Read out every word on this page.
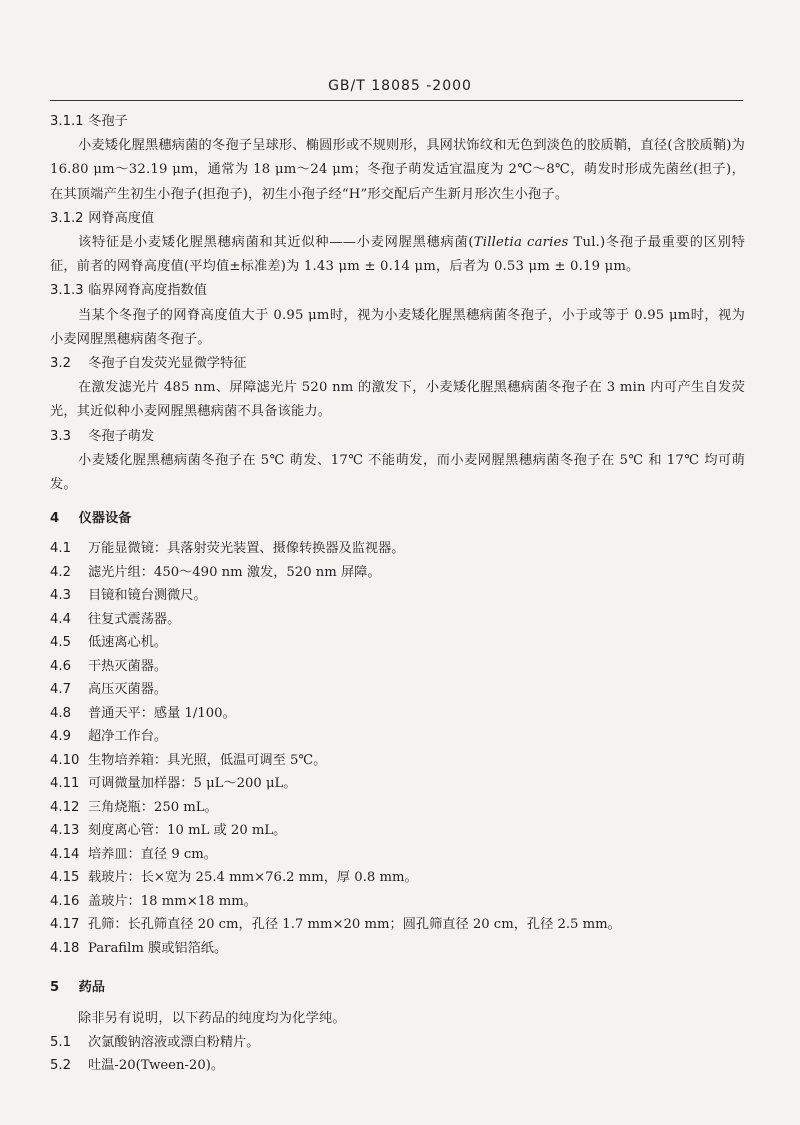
GB/T 18085 -2000
3.1.1 冬孢子
小麦矮化腥黑穗病菌的冬孢子呈球形、椭圆形或不规则形，具网状饰纹和无色到淡色的胶质鞘，直径(含胶质鞘)为 16.80 μm～32.19 μm，通常为 18 μm～24 μm；冬孢子萌发适宜温度为 2℃～8℃，萌发时形成先菌丝(担子)，在其顶端产生初生小孢子(担孢子)，初生小孢子经“H”形交配后产生新月形次生小孢子。
3.1.2 网脊高度值
该特征是小麦矮化腥黑穗病菌和其近似种——小麦网腥黑穗病菌(Tilletia caries Tul.)冬孢子最重要的区别特征，前者的网脊高度值(平均值±标准差)为 1.43 μm ± 0.14 μm，后者为 0.53 μm ± 0.19 μm。
3.1.3 临界网脊高度指数值
当某个冬孢子的网脊高度值大于 0.95 μm时，视为小麦矮化腥黑穗病菌冬孢子，小于或等于 0.95 μm时，视为小麦网腥黑穗病菌冬孢子。
3.2 冬孢子自发荧光显微学特征
在激发滤光片 485 nm、屏障滤光片 520 nm 的激发下，小麦矮化腥黑穗病菌冬孢子在 3 min 内可产生自发荧光，其近似种小麦网腥黑穗病菌不具备该能力。
3.3 冬孢子萌发
小麦矮化腥黑穗病菌冬孢子在 5℃ 萌发、17℃ 不能萌发，而小麦网腥黑穗病菌冬孢子在 5℃ 和 17℃ 均可萌发。
4 仪器设备
4.1 万能显微镜：具落射荧光装置、摄像转换器及监视器。
4.2 滤光片组：450～490 nm 激发，520 nm 屏障。
4.3 目镜和镜台测微尺。
4.4 往复式震荡器。
4.5 低速离心机。
4.6 干热灭菌器。
4.7 高压灭菌器。
4.8 普通天平：感量 1/100。
4.9 超净工作台。
4.10 生物培养箱：具光照，低温可调至 5℃。
4.11 可调微量加样器：5 μL～200 μL。
4.12 三角烧瓶：250 mL。
4.13 刻度离心管：10 mL 或 20 mL。
4.14 培养皿：直径 9 cm。
4.15 载玻片：长×宽为 25.4 mm×76.2 mm，厚 0.8 mm。
4.16 盖玻片：18 mm×18 mm。
4.17 孔筛：长孔筛直径 20 cm，孔径 1.7 mm×20 mm；圆孔筛直径 20 cm，孔径 2.5 mm。
4.18 Parafilm 膜或铝箔纸。
5 药品
除非另有说明，以下药品的纯度均为化学纯。
5.1 次氯酸钠溶液或漂白粉精片。
5.2 吐温-20(Tween-20)。
